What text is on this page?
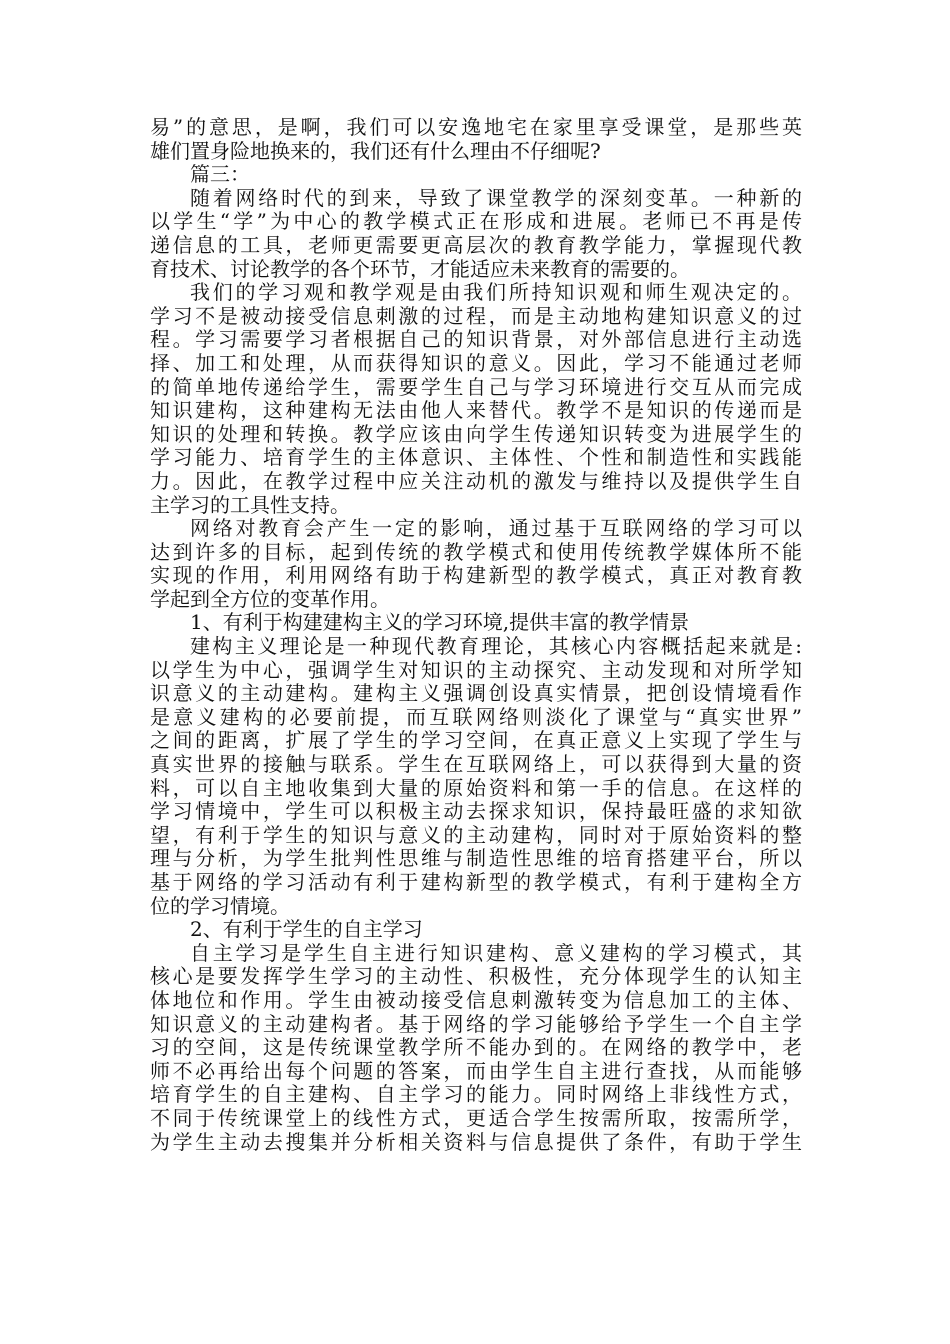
易”的意思，是啊，我们可以安逸地宅在家里享受课堂，是那些英
雄们置身险地换来的，我们还有什么理由不仔细呢?
篇三：
随着网络时代的到来，导致了课堂教学的深刻变革。一种新的
以学生“学”为中心的教学模式正在形成和进展。老师已不再是传
递信息的工具，老师更需要更高层次的教育教学能力，掌握现代教
育技术、讨论教学的各个环节，才能适应未来教育的需要的。
我们的学习观和教学观是由我们所持知识观和师生观决定的。
学习不是被动接受信息刺激的过程，而是主动地构建知识意义的过
程。学习需要学习者根据自己的知识背景，对外部信息进行主动选
择、加工和处理，从而获得知识的意义。因此，学习不能通过老师
的简单地传递给学生，需要学生自己与学习环境进行交互从而完成
知识建构，这种建构无法由他人来替代。教学不是知识的传递而是
知识的处理和转换。教学应该由向学生传递知识转变为进展学生的
学习能力、培育学生的主体意识、主体性、个性和制造性和实践能
力。因此，在教学过程中应关注动机的激发与维持以及提供学生自
主学习的工具性支持。
网络对教育会产生一定的影响，通过基于互联网络的学习可以
达到许多的目标，起到传统的教学模式和使用传统教学媒体所不能
实现的作用，利用网络有助于构建新型的教学模式，真正对教育教
学起到全方位的变革作用。
1、有利于构建建构主义的学习环境,提供丰富的教学情景
建构主义理论是一种现代教育理论，其核心内容概括起来就是:
以学生为中心，强调学生对知识的主动探究、主动发现和对所学知
识意义的主动建构。建构主义强调创设真实情景，把创设情境看作
是意义建构的必要前提，而互联网络则淡化了课堂与“真实世界”
之间的距离，扩展了学生的学习空间，在真正意义上实现了学生与
真实世界的接触与联系。学生在互联网络上，可以获得到大量的资
料，可以自主地收集到大量的原始资料和第一手的信息。在这样的
学习情境中，学生可以积极主动去探求知识，保持最旺盛的求知欲
望，有利于学生的知识与意义的主动建构，同时对于原始资料的整
理与分析，为学生批判性思维与制造性思维的培育搭建平台，所以
基于网络的学习活动有利于建构新型的教学模式，有利于建构全方
位的学习情境。
2、有利于学生的自主学习
自主学习是学生自主进行知识建构、意义建构的学习模式，其
核心是要发挥学生学习的主动性、积极性，充分体现学生的认知主
体地位和作用。学生由被动接受信息刺激转变为信息加工的主体、
知识意义的主动建构者。基于网络的学习能够给予学生一个自主学
习的空间，这是传统课堂教学所不能办到的。在网络的教学中，老
师不必再给出每个问题的答案，而由学生自主进行查找，从而能够
培育学生的自主建构、自主学习的能力。同时网络上非线性方式，
不同于传统课堂上的线性方式，更适合学生按需所取，按需所学，
为学生主动去搜集并分析相关资料与信息提供了条件，有助于学生
